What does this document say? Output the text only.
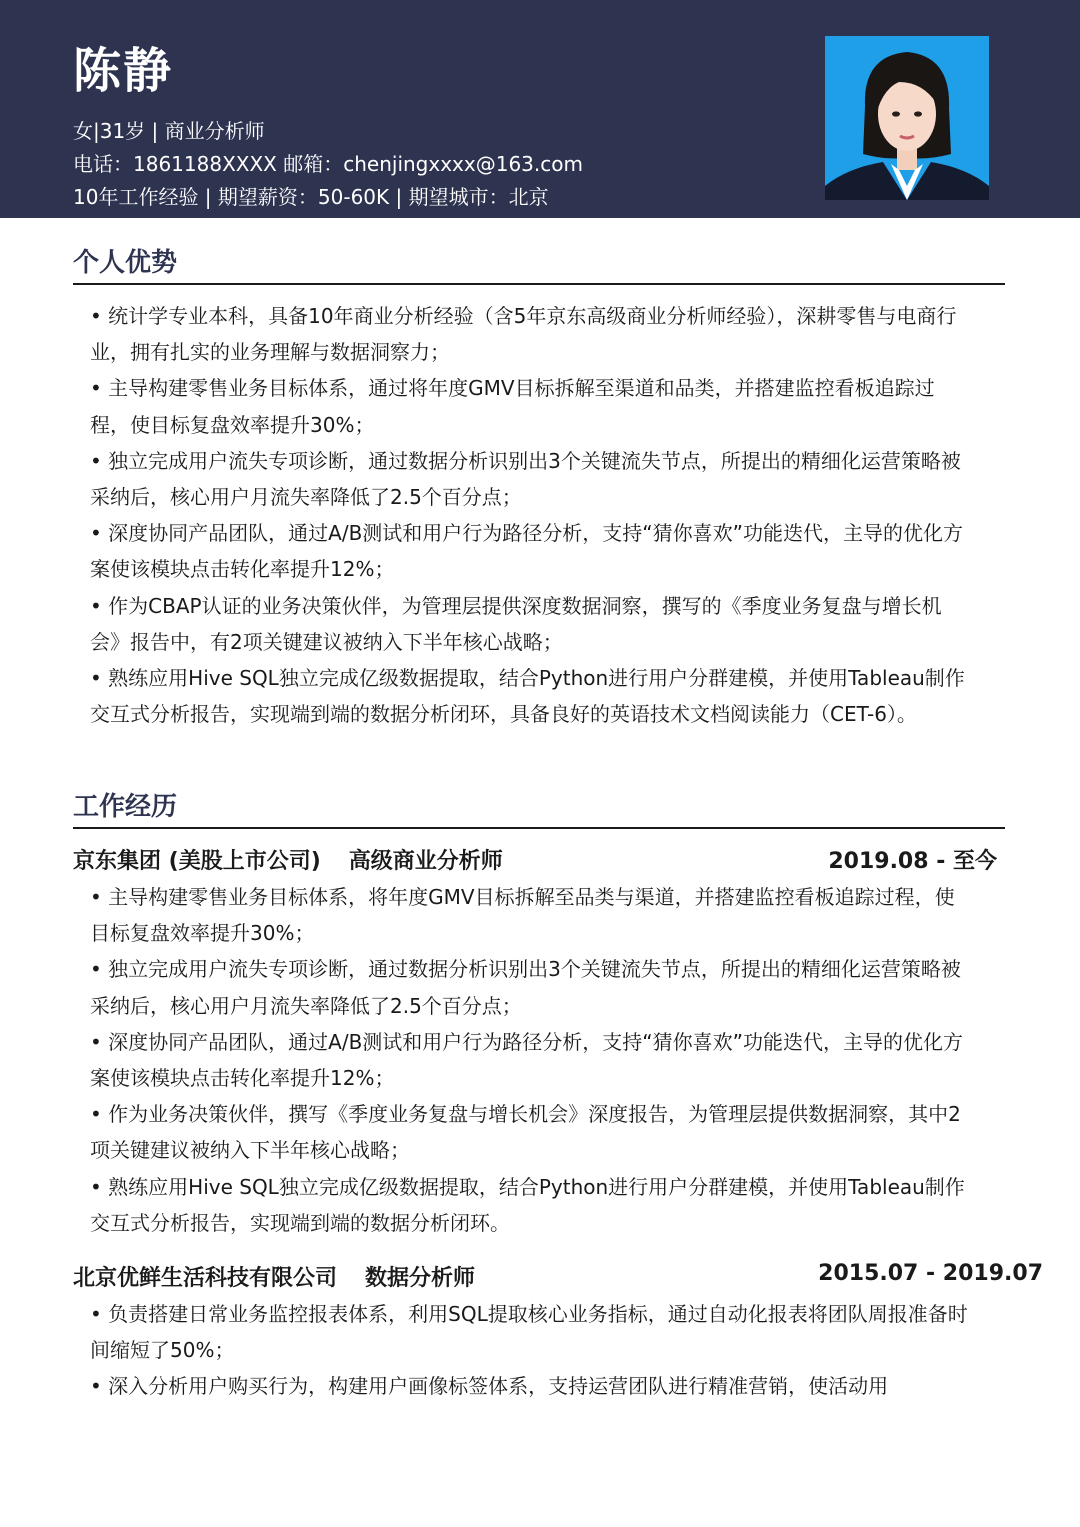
陈静
女|31岁 | 商业分析师
电话：1861188XXXX 邮箱：chenjingxxxx@163.com
10年工作经验 | 期望薪资：50-60K | 期望城市：北京
个人优势

• 统计学专业本科，具备10年商业分析经验（含5年京东高级商业分析师经验），深耕零售与电商行业，拥有扎实的业务理解与数据洞察力；

• 主导构建零售业务目标体系，通过将年度GMV目标拆解至渠道和品类，并搭建监控看板追踪过程，使目标复盘效率提升30%；

• 独立完成用户流失专项诊断，通过数据分析识别出3个关键流失节点，所提出的精细化运营策略被采纳后，核心用户月流失率降低了2.5个百分点；

• 深度协同产品团队，通过A/B测试和用户行为路径分析，支持“猜你喜欢”功能迭代，主导的优化方案使该模块点击转化率提升12%；

• 作为CBAP认证的业务决策伙伴，为管理层提供深度数据洞察，撰写的《季度业务复盘与增长机会》报告中，有2项关键建议被纳入下半年核心战略；

• 熟练应用Hive SQL独立完成亿级数据提取，结合Python进行用户分群建模，并使用Tableau制作交互式分析报告，实现端到端的数据分析闭环，具备良好的英语技术文档阅读能力（CET-6）。

工作经历
京东集团 (美股上市公司) 高级商业分析师	2019.08 - 至今

• 主导构建零售业务目标体系，将年度GMV目标拆解至品类与渠道，并搭建监控看板追踪过程，使目标复盘效率提升30%；

• 独立完成用户流失专项诊断，通过数据分析识别出3个关键流失节点，所提出的精细化运营策略被采纳后，核心用户月流失率降低了2.5个百分点；

• 深度协同产品团队，通过A/B测试和用户行为路径分析，支持“猜你喜欢”功能迭代，主导的优化方案使该模块点击转化率提升12%；

• 作为业务决策伙伴，撰写《季度业务复盘与增长机会》深度报告，为管理层提供数据洞察，其中2项关键建议被纳入下半年核心战略；

• 熟练应用Hive SQL独立完成亿级数据提取，结合Python进行用户分群建模，并使用Tableau制作交互式分析报告，实现端到端的数据分析闭环。

北京优鲜生活科技有限公司 数据分析师	2015.07 - 2019.07

• 负责搭建日常业务监控报表体系，利用SQL提取核心业务指标，通过自动化报表将团队周报准备时间缩短了50%；

• 深入分析用户购买行为，构建用户画像标签体系，支持运营团队进行精准营销，使活动用
